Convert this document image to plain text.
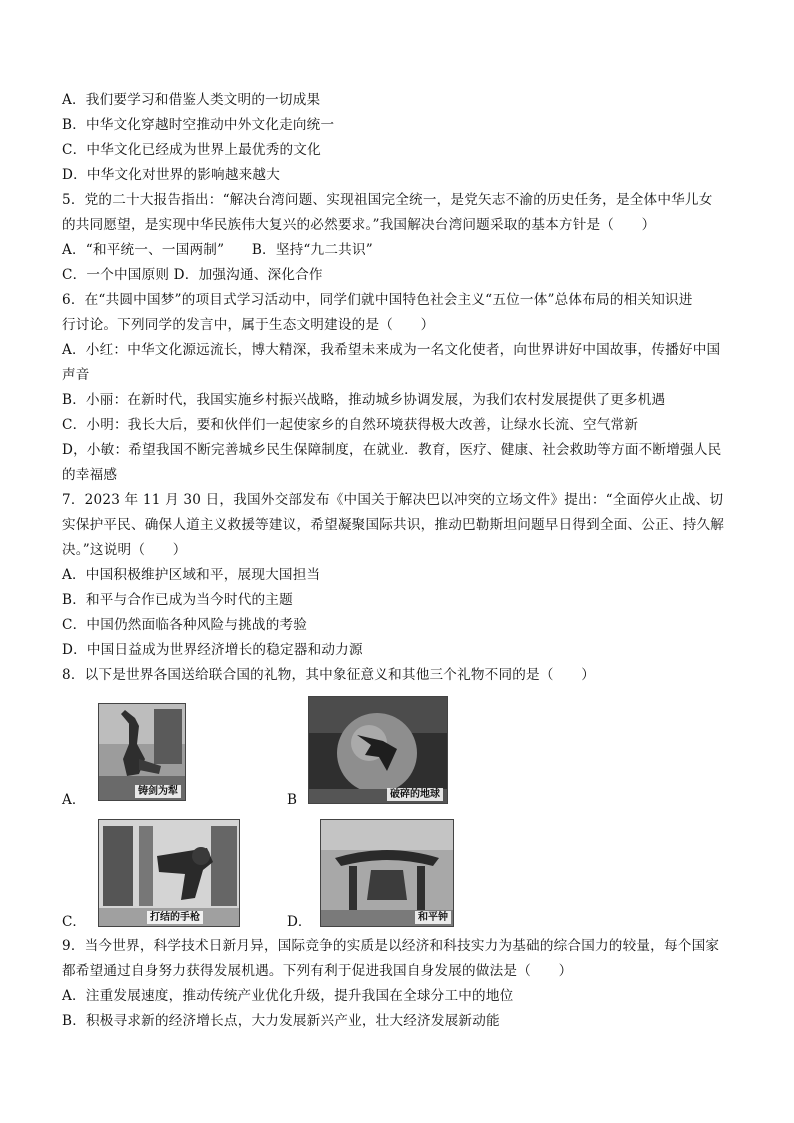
A．我们要学习和借鉴人类文明的一切成果
B．中华文化穿越时空推动中外文化走向统一
C．中华文化已经成为世界上最优秀的文化
D．中华文化对世界的影响越来越大
5．党的二十大报告指出：“解决台湾问题、实现祖国完全统一，是党矢志不渝的历史任务，是全体中华儿女
的共同愿望，是实现中华民族伟大复兴的必然要求。”我国解决台湾问题采取的基本方针是（　　）
A．“和平统一、一国两制”　　B．坚持“九二共识”
C．一个中国原则 D．加强沟通、深化合作
6．在“共圆中国梦”的项目式学习活动中，同学们就中国特色社会主义“五位一体”总体布局的相关知识进
行讨论。下列同学的发言中，属于生态文明建设的是（　　）
A．小红：中华文化源远流长，博大精深，我希望未来成为一名文化使者，向世界讲好中国故事，传播好中国
声音
B．小丽：在新时代，我国实施乡村振兴战略，推动城乡协调发展，为我们农村发展提供了更多机遇
C．小明：我长大后，要和伙伴们一起使家乡的自然环境获得极大改善，让绿水长流、空气常新
D，小敏：希望我国不断完善城乡民生保障制度，在就业．教育，医疗、健康、社会救助等方面不断增强人民
的幸福感
7．2023 年 11 月 30 日，我国外交部发布《中国关于解决巴以冲突的立场文件》提出：“全面停火止战、切
实保护平民、确保人道主义救援等建议，希望凝聚国际共识，推动巴勒斯坦问题早日得到全面、公正、持久解
决。”这说明（　　）
A．中国积极维护区域和平，展现大国担当
B．和平与合作已成为当今时代的主题
C．中国仍然面临各种风险与挑战的考验
D．中国日益成为世界经济增长的稳定器和动力源
8．以下是世界各国送给联合国的礼物，其中象征意义和其他三个礼物不同的是（　　）
A．
铸剑为犁
B	破碎的地球
C．	打结的手枪	D．	和平钟
9．当今世界，科学技术日新月异，国际竞争的实质是以经济和科技实力为基础的综合国力的较量，每个国家
都希望通过自身努力获得发展机遇。下列有利于促进我国自身发展的做法是（　　）
A．注重发展速度，推动传统产业优化升级，提升我国在全球分工中的地位
B．积极寻求新的经济增长点，大力发展新兴产业，壮大经济发展新动能
